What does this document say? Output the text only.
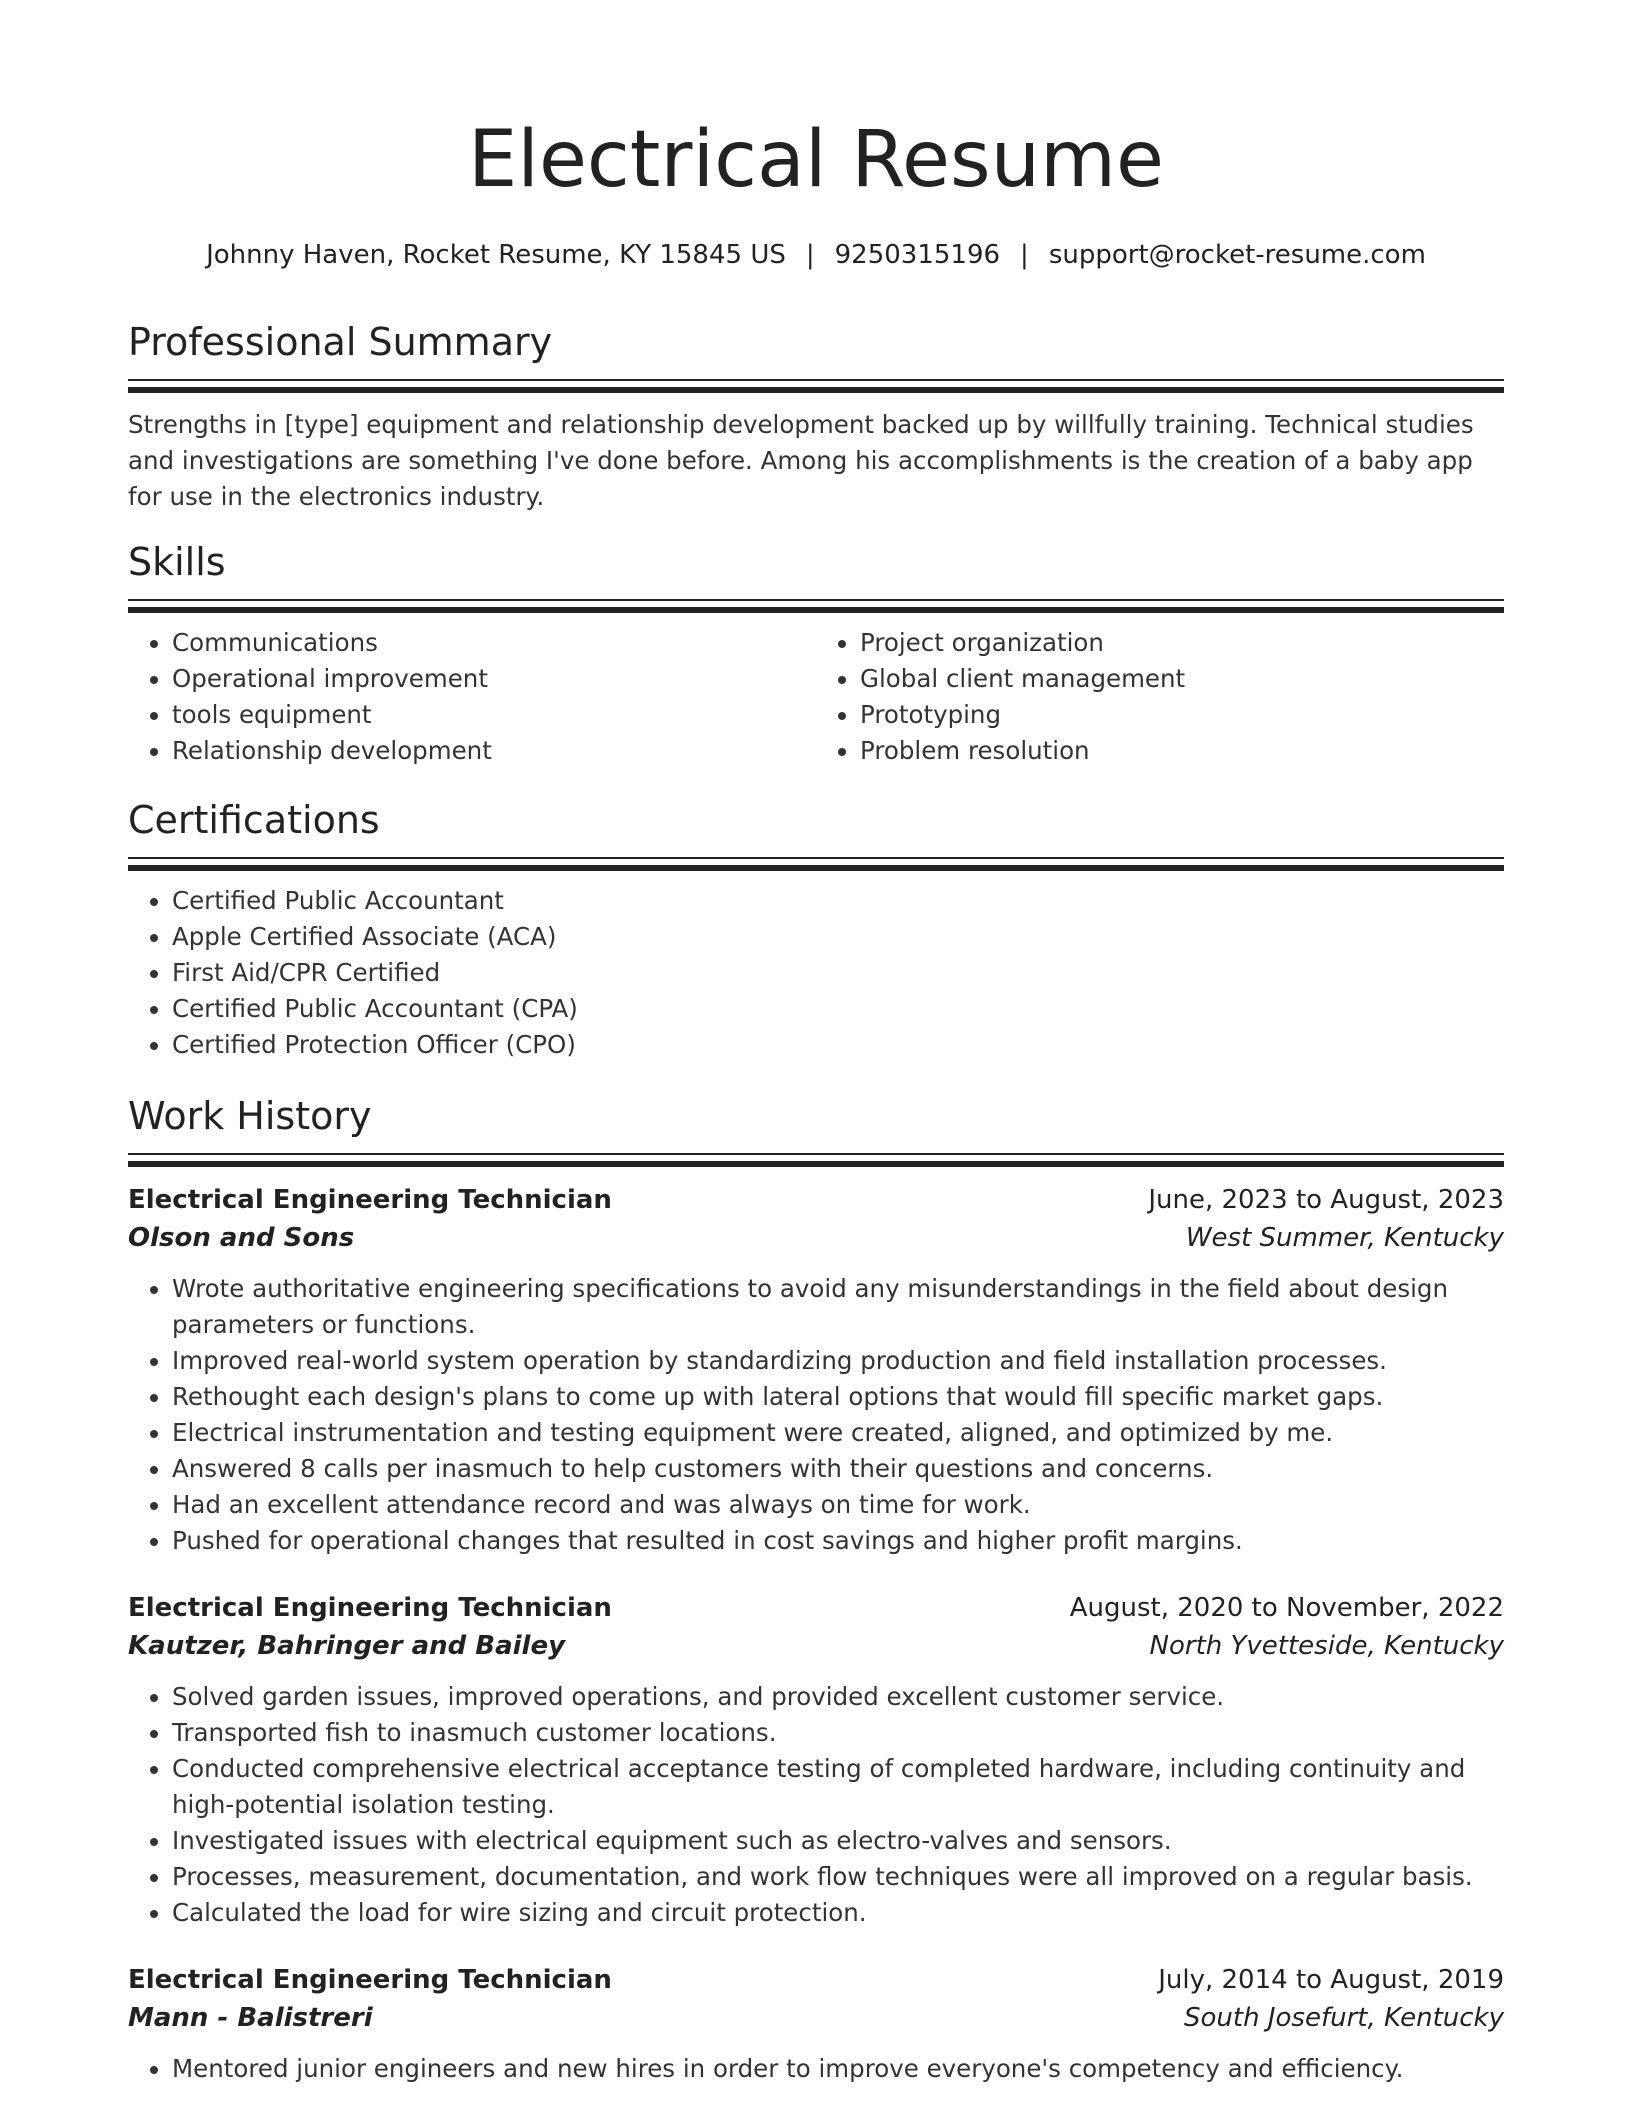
Electrical Resume
Johnny Haven, Rocket Resume, KY 15845 US | 9250315196 | support@rocket-resume.com
Professional Summary

Strengths in [type] equipment and relationship development backed up by willfully training. Technical studies and investigations are something I've done before. Among his accomplishments is the creation of a baby app for use in the electronics industry.

Skills
• Communications
• Operational improvement
• tools equipment
• Relationship development
• Project organization
• Global client management
• Prototyping
• Problem resolution
Certifications
• Certified Public Accountant
• Apple Certified Associate (ACA)
• First Aid/CPR Certified
• Certified Public Accountant (CPA)
• Certified Protection Officer (CPO)
Work History
Electrical Engineering Technician	June, 2023 to August, 2023
Olson and Sons	West Summer, Kentucky
• Wrote authoritative engineering specifications to avoid any misunderstandings in the field about design parameters or functions.
• Improved real-world system operation by standardizing production and field installation processes.
• Rethought each design's plans to come up with lateral options that would fill specific market gaps.
• Electrical instrumentation and testing equipment were created, aligned, and optimized by me.
• Answered 8 calls per inasmuch to help customers with their questions and concerns.
• Had an excellent attendance record and was always on time for work.
• Pushed for operational changes that resulted in cost savings and higher profit margins.
Electrical Engineering Technician	August, 2020 to November, 2022
Kautzer, Bahringer and Bailey	North Yvetteside, Kentucky
• Solved garden issues, improved operations, and provided excellent customer service.
• Transported fish to inasmuch customer locations.
• Conducted comprehensive electrical acceptance testing of completed hardware, including continuity and high-potential isolation testing.
• Investigated issues with electrical equipment such as electro-valves and sensors.
• Processes, measurement, documentation, and work flow techniques were all improved on a regular basis.
• Calculated the load for wire sizing and circuit protection.
Electrical Engineering Technician	July, 2014 to August, 2019
Mann - Balistreri	South Josefurt, Kentucky
• Mentored junior engineers and new hires in order to improve everyone's competency and efficiency.
